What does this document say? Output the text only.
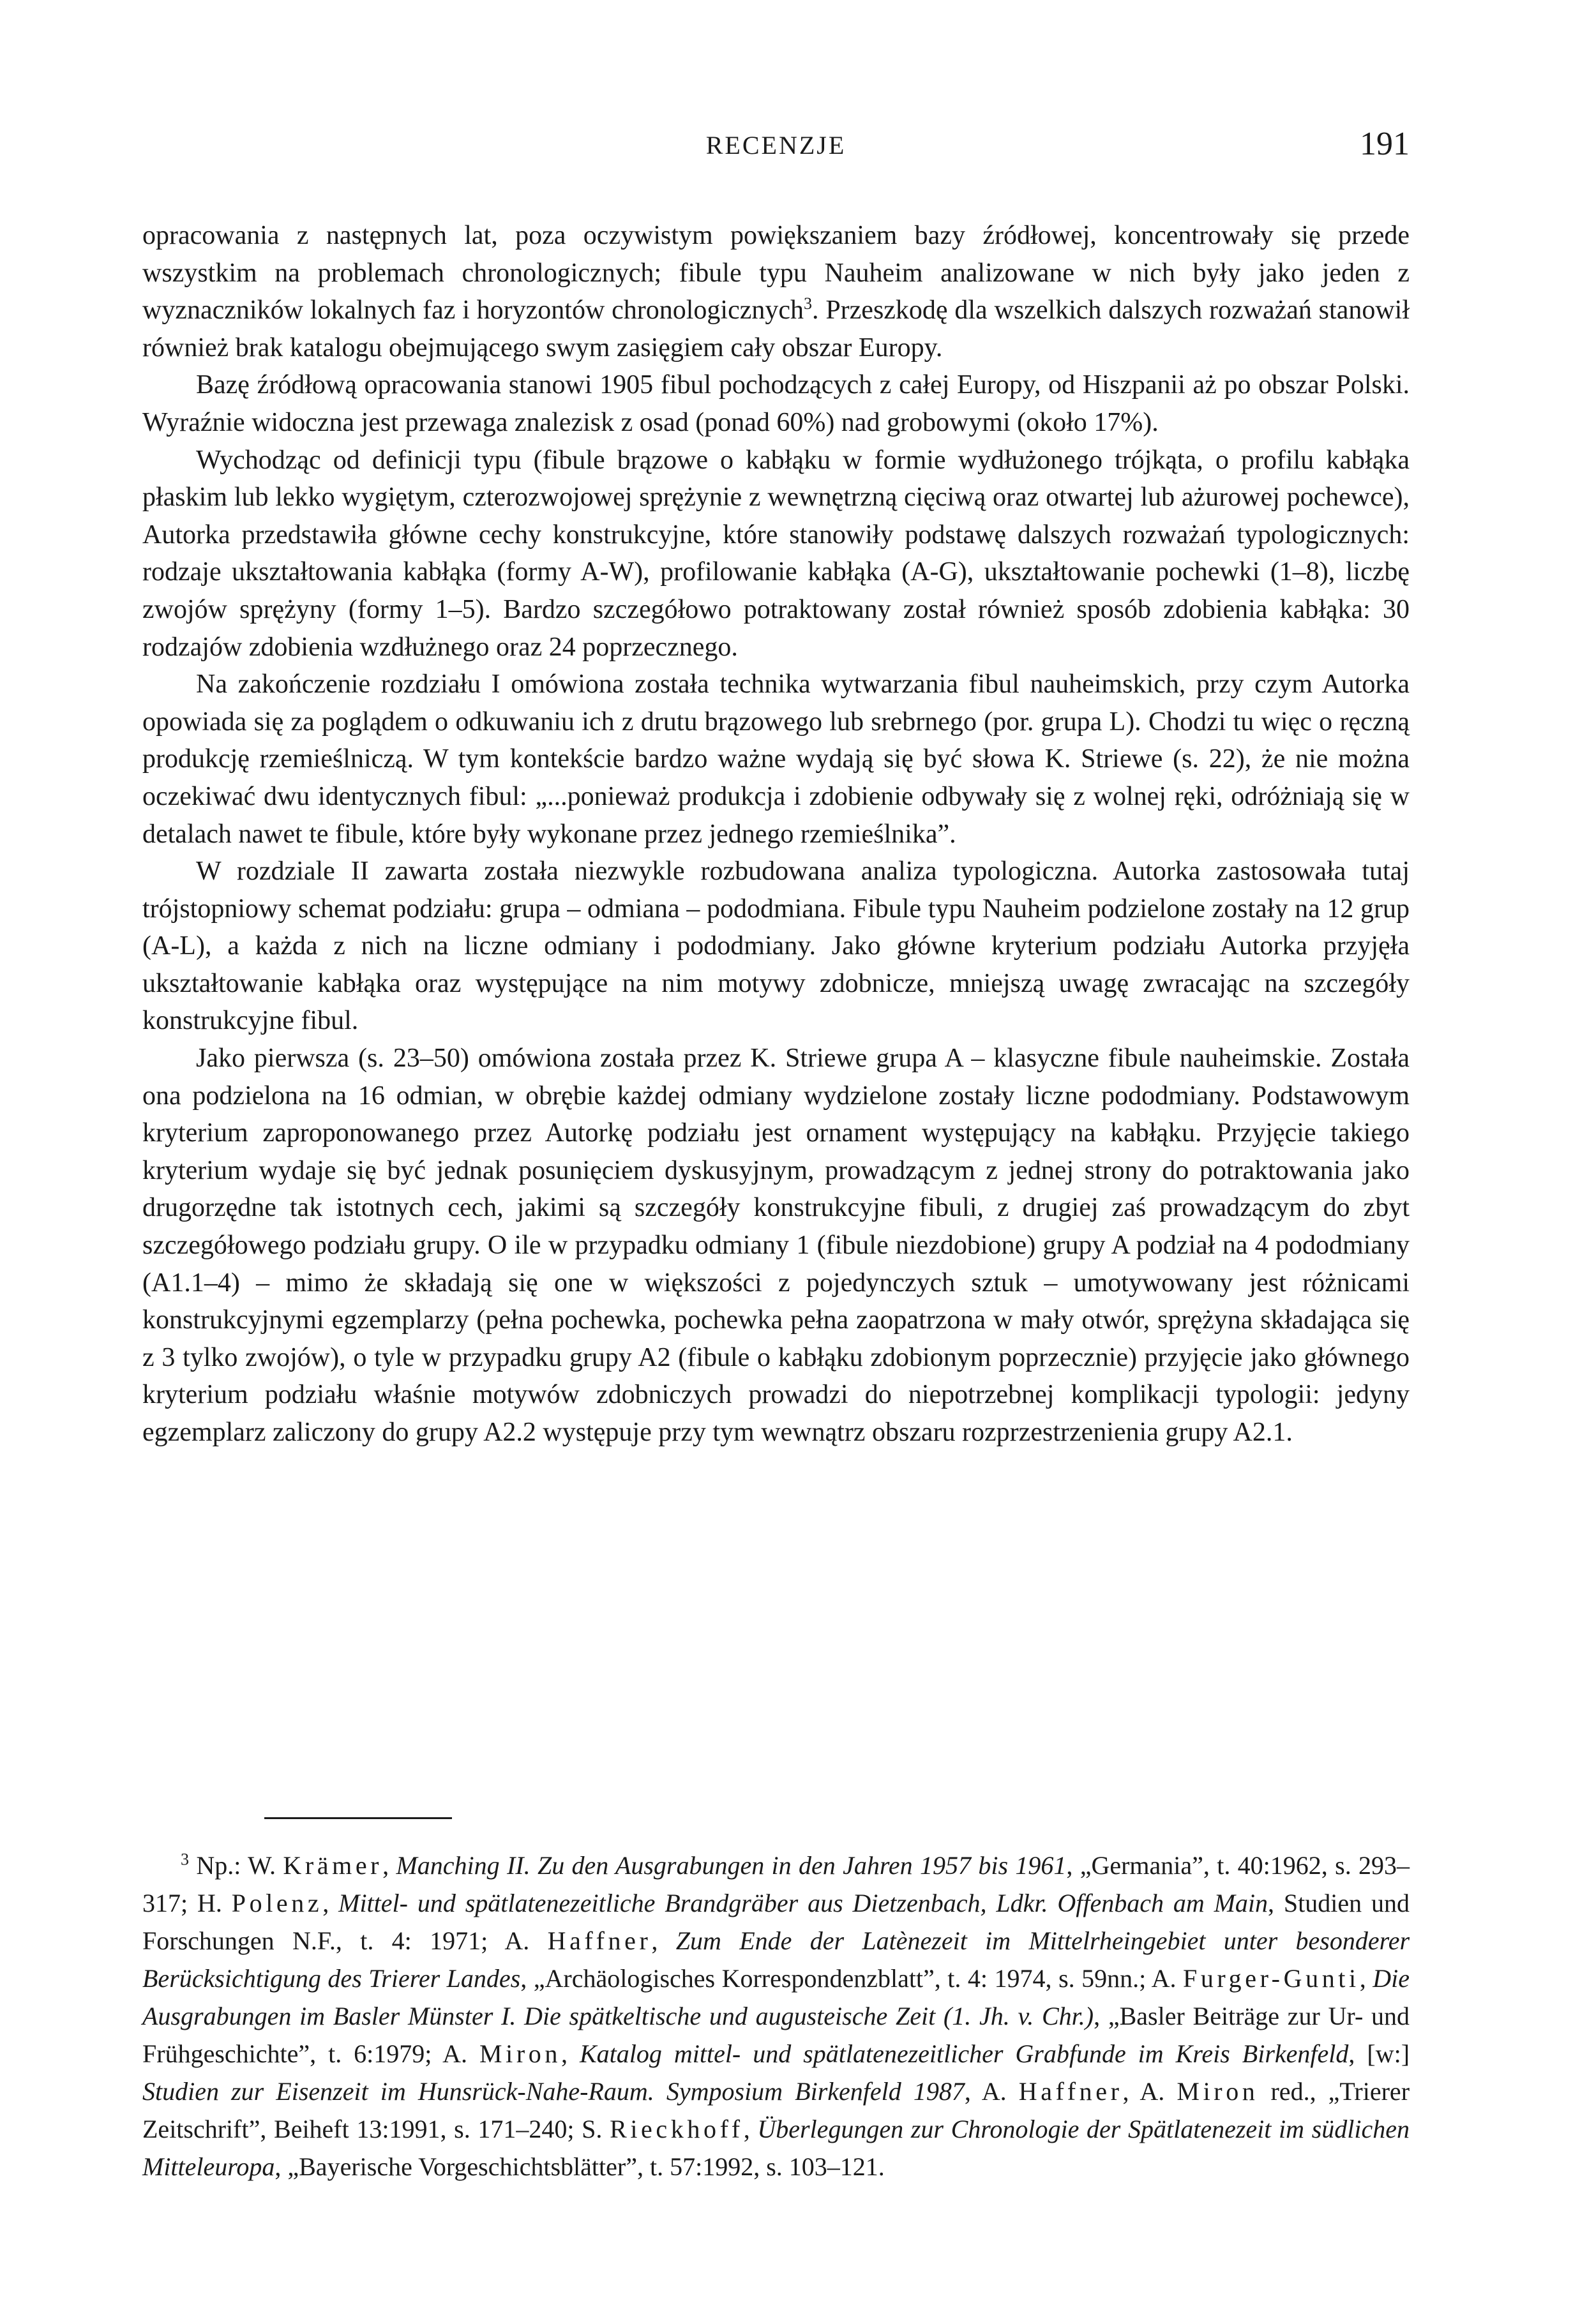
RECENZJE	191

opracowania z następnych lat, poza oczywistym powiększaniem bazy źródłowej, koncentrowały się przede wszystkim na problemach chronologicznych; fibule typu Nauheim analizowane w nich były jako jeden z wyznaczników lokalnych faz i horyzontów chronologicznych$^3$. Przeszkodę dla wszelkich dalszych rozważań stanowił również brak katalogu obejmującego swym zasięgiem cały obszar Europy.

Bazę źródłową opracowania stanowi 1905 fibul pochodzących z całej Europy, od Hiszpanii aż po obszar Polski. Wyraźnie widoczna jest przewaga znalezisk z osad (ponad 60%) nad grobowymi (około 17%).

Wychodząc od definicji typu (fibule brązowe o kabłąku w formie wydłużonego trójkąta, o profilu kabłąka płaskim lub lekko wygiętym, czterozwojowej sprężynie z wewnętrzną cięciwą oraz otwartej lub ażurowej pochewce), Autorka przedstawiła główne cechy konstrukcyjne, które stanowiły podstawę dalszych rozważań typologicznych: rodzaje ukształtowania kabłąka (formy A-W), profilowanie kabłąka (A-G), ukształtowanie pochewki (1–8), liczbę zwojów sprężyny (formy 1–5). Bardzo szczegółowo potraktowany został również sposób zdobienia kabłąka: 30 rodzajów zdobienia wzdłużnego oraz 24 poprzecznego.

Na zakończenie rozdziału I omówiona została technika wytwarzania fibul nauheimskich, przy czym Autorka opowiada się za poglądem o odkuwaniu ich z drutu brązowego lub srebrnego (por. grupa L). Chodzi tu więc o ręczną produkcję rzemieślniczą. W tym kontekście bardzo ważne wydają się być słowa K. Striewe (s. 22), że nie można oczekiwać dwu identycznych fibul: „...ponieważ produkcja i zdobienie odbywały się z wolnej ręki, odróżniają się w detalach nawet te fibule, które były wykonane przez jednego rzemieślnika”.

W rozdziale II zawarta została niezwykle rozbudowana analiza typologiczna. Autorka zastosowała tutaj trójstopniowy schemat podziału: grupa – odmiana – pododmiana. Fibule typu Nauheim podzielone zostały na 12 grup (A-L), a każda z nich na liczne odmiany i pododmiany. Jako główne kryterium podziału Autorka przyjęła ukształtowanie kabłąka oraz występujące na nim motywy zdobnicze, mniejszą uwagę zwracając na szczegóły konstrukcyjne fibul.

Jako pierwsza (s. 23–50) omówiona została przez K. Striewe grupa A – klasyczne fibule nauheimskie. Została ona podzielona na 16 odmian, w obrębie każdej odmiany wydzielone zostały liczne pododmiany. Podstawowym kryterium zaproponowanego przez Autorkę podziału jest ornament występujący na kabłąku. Przyjęcie takiego kryterium wydaje się być jednak posunięciem dyskusyjnym, prowadzącym z jednej strony do potraktowania jako drugorzędne tak istotnych cech, jakimi są szczegóły konstrukcyjne fibuli, z drugiej zaś prowadzącym do zbyt szczegółowego podziału grupy. O ile w przypadku odmiany 1 (fibule niezdobione) grupy A podział na 4 pododmiany (A1.1–4) – mimo że składają się one w większości z pojedynczych sztuk – umotywowany jest różnicami konstrukcyjnymi egzemplarzy (pełna pochewka, pochewka pełna zaopatrzona w mały otwór, sprężyna składająca się z 3 tylko zwojów), o tyle w przypadku grupy A2 (fibule o kabłąku zdobionym poprzecznie) przyjęcie jako głównego kryterium podziału właśnie motywów zdobniczych prowadzi do niepotrzebnej komplikacji typologii: jedyny egzemplarz zaliczony do grupy A2.2 występuje przy tym wewnątrz obszaru rozprzestrzenienia grupy A2.1.

$^3$ Np.: W. Krämer, Manching II. Zu den Ausgrabungen in den Jahren 1957 bis 1961, „Germania”, t. 40:1962, s. 293–317; H. Polenz, Mittel- und spätlatenezeitliche Brandgräber aus Dietzenbach, Ldkr. Offenbach am Main, Studien und Forschungen N.F., t. 4: 1971; A. Haffner, Zum Ende der Latènezeit im Mittelrheingebiet unter besonderer Berücksichtigung des Trierer Landes, „Archäologisches Korrespondenzblatt”, t. 4: 1974, s. 59nn.; A. Furger-Gunti, Die Ausgrabungen im Basler Münster I. Die spätkeltische und augusteische Zeit (1. Jh. v. Chr.), „Basler Beiträge zur Ur- und Frühgeschichte”, t. 6:1979; A. Miron, Katalog mittel- und spätlatenezeitlicher Grabfunde im Kreis Birkenfeld, [w:] Studien zur Eisenzeit im Hunsrück-Nahe-Raum. Symposium Birkenfeld 1987, A. Haffner, A. Miron red., „Trierer Zeitschrift”, Beiheft 13:1991, s. 171–240; S. Rieckhoff, Überlegungen zur Chronologie der Spätlatenezeit im südlichen Mitteleuropa, „Bayerische Vorgeschichtsblätter”, t. 57:1992, s. 103–121.
